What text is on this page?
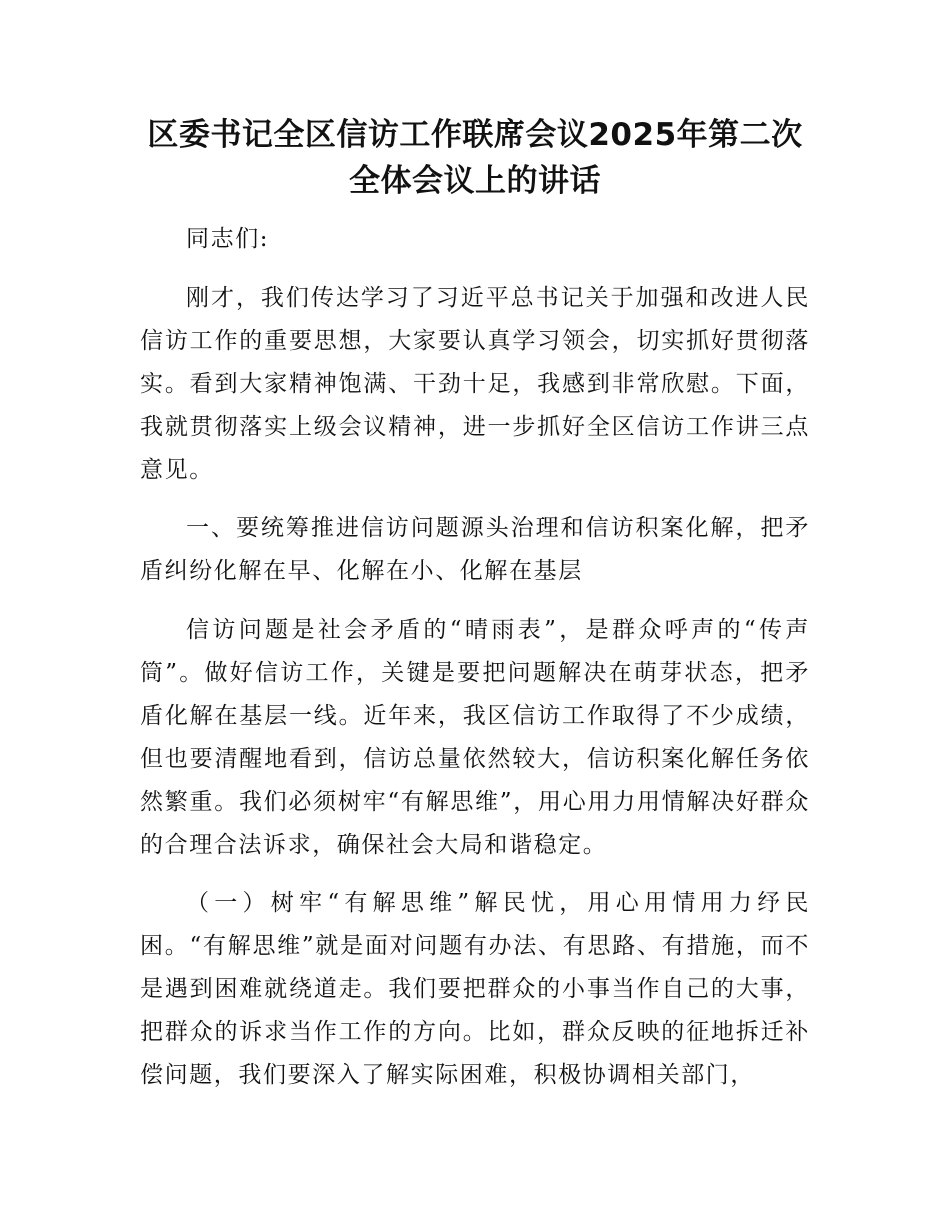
区委书记全区信访工作联席会议2025年第二次
全体会议上的讲话

同志们:

刚才，我们传达学习了习近平总书记关于加强和改进人民信访工作的重要思想，大家要认真学习领会，切实抓好贯彻落实。看到大家精神饱满、干劲十足，我感到非常欣慰。下面，我就贯彻落实上级会议精神，进一步抓好全区信访工作讲三点意见。

一、要统筹推进信访问题源头治理和信访积案化解，把矛盾纠纷化解在早、化解在小、化解在基层

信访问题是社会矛盾的“晴雨表”，是群众呼声的“传声筒”。做好信访工作，关键是要把问题解决在萌芽状态，把矛盾化解在基层一线。近年来，我区信访工作取得了不少成绩，但也要清醒地看到，信访总量依然较大，信访积案化解任务依然繁重。我们必须树牢“有解思维”，用心用力用情解决好群众的合理合法诉求，确保社会大局和谐稳定。

（一）树牢“有解思维”解民忧，用心用情用力纾民困。“有解思维”就是面对问题有办法、有思路、有措施，而不是遇到困难就绕道走。我们要把群众的小事当作自己的大事，把群众的诉求当作工作的方向。比如，群众反映的征地拆迁补偿问题，我们要深入了解实际困难，积极协调相关部门，
